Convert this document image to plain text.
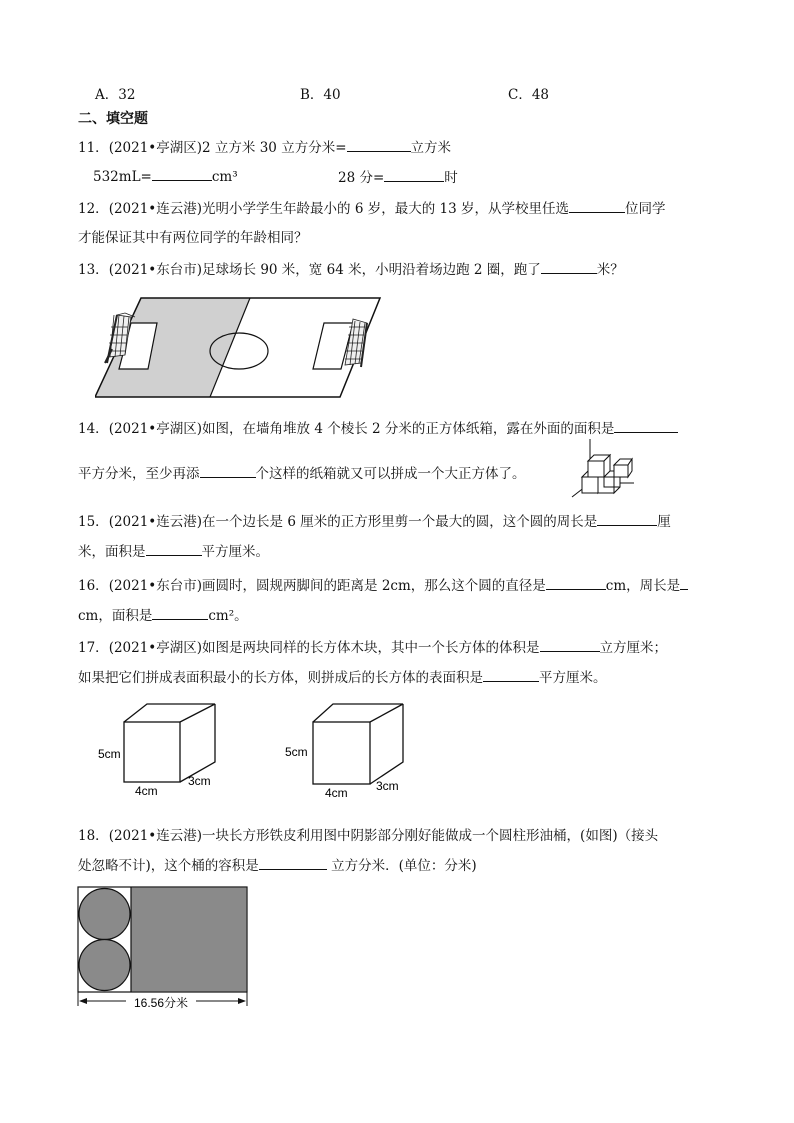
A．32	B．40	C．48
二、填空题
11．(2021•亭湖区)2 立方米 30 立方分米=	立方米
532mL=	cm³	28 分=	时
12．(2021•连云港)光明小学学生年龄最小的 6 岁，最大的 13 岁，从学校里任选	位同学
才能保证其中有两位同学的年龄相同？
13．(2021•东台市)足球场长 90 米，宽 64 米，小明沿着场边跑 2 圈，跑了	米？
14．(2021•亭湖区)如图，在墙角堆放 4 个棱长 2 分米的正方体纸箱，露在外面的面积是
平方分米，至少再添	个这样的纸箱就又可以拼成一个大正方体了。
15．(2021•连云港)在一个边长是 6 厘米的正方形里剪一个最大的圆，这个圆的周长是	厘
米，面积是	平方厘米。
16．(2021•东台市)画圆时，圆规两脚间的距离是 2cm，那么这个圆的直径是	cm，周长是
cm，面积是	cm²。
17．(2021•亭湖区)如图是两块同样的长方体木块，其中一个长方体的体积是	立方厘米；
如果把它们拼成表面积最小的长方体，则拼成后的长方体的表面积是	平方厘米。
5cm
4cm
3cm
5cm
4cm 3cm
18．(2021•连云港)一块长方形铁皮利用图中阴影部分刚好能做成一个圆柱形油桶，(如图)（接头
处忽略不计)，这个桶的容积是	立方分米．(单位：分米)
16.56分米
